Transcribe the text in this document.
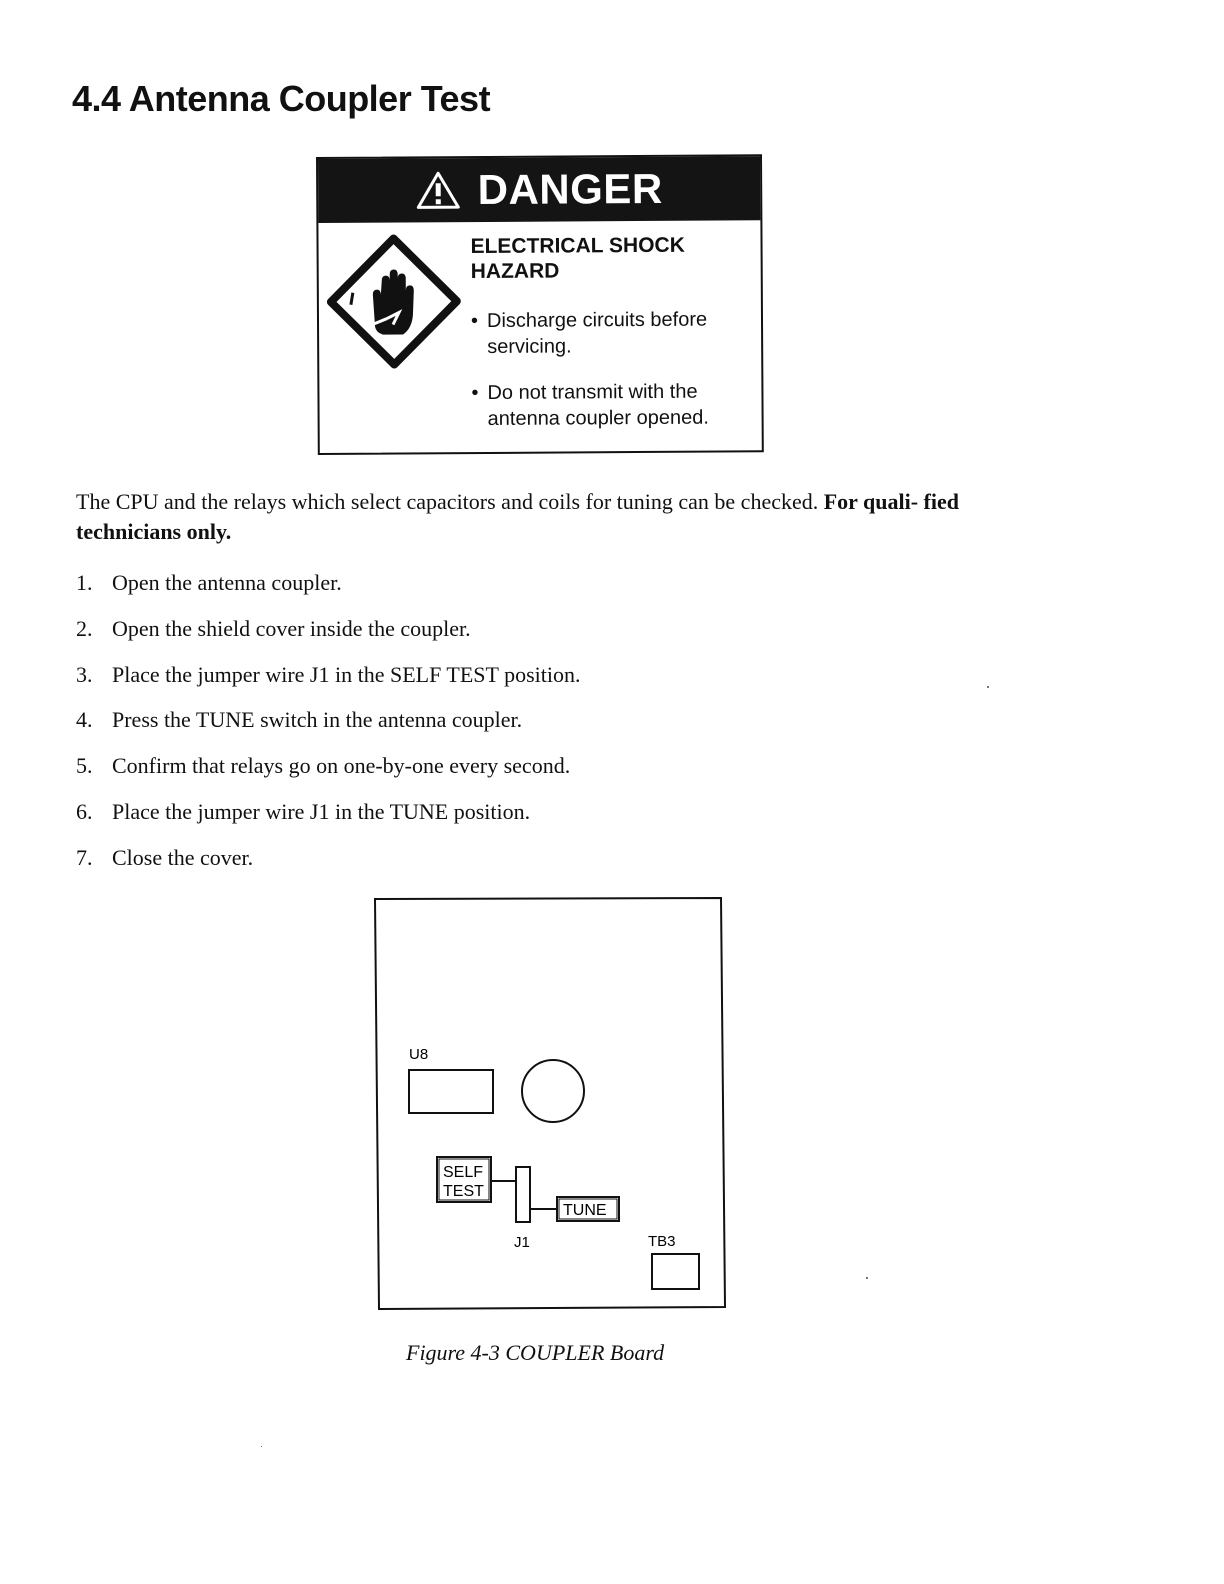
4.4 Antenna Coupler Test
DANGER
ELECTRICAL SHOCK
HAZARD
• Discharge circuits before
servicing.
• Do not transmit with the
antenna coupler opened.

The CPU and the relays which select capacitors and coils for tuning can be checked. For quali- fied technicians only.

1. Open the antenna coupler.
2. Open the shield cover inside the coupler.
3. Place the jumper wire J1 in the SELF TEST position.
4. Press the TUNE switch in the antenna coupler.
5. Confirm that relays go on one-by-one every second.
6. Place the jumper wire J1 in the TUNE position.
7. Close the cover.
U8
SELF
TEST
TUNE
J1	TB3

Figure 4-3 COUPLER Board
